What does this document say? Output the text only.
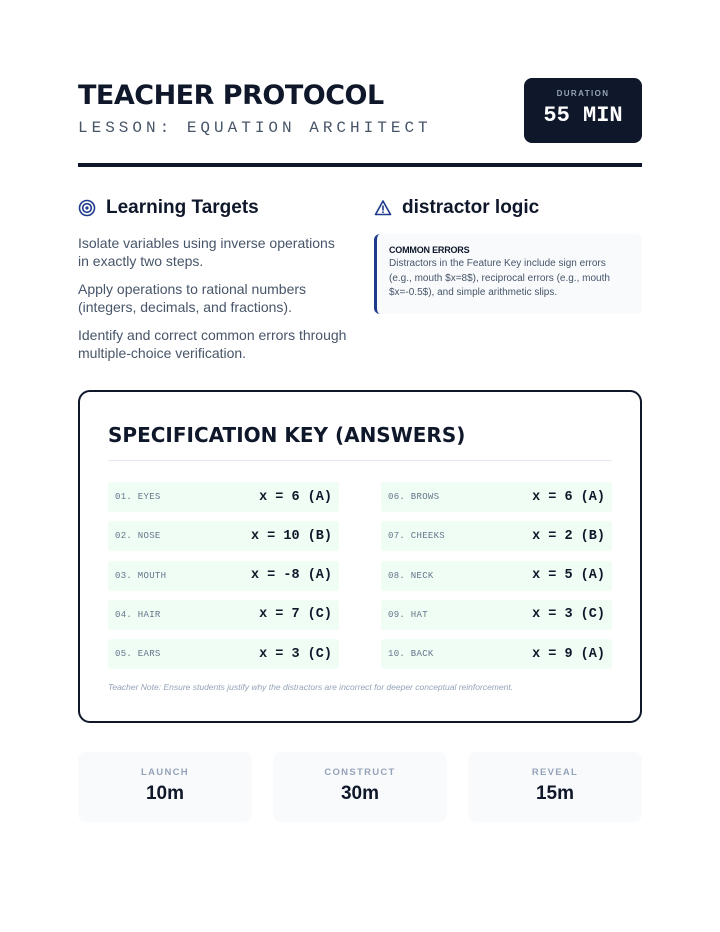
TEACHER PROTOCOL
LESSON: EQUATION ARCHITECT
DURATION
55 MIN
Learning Targets

Isolate variables using inverse operations in exactly two steps.

Apply operations to rational numbers (integers, decimals, and fractions).

Identify and correct common errors through multiple-choice verification.

distractor logic
COMMON ERRORS
Distractors in the Feature Key include sign errors (e.g., mouth $x=8$), reciprocal errors (e.g., mouth $x=-0.5$), and simple arithmetic slips.
SPECIFICATION KEY (ANSWERS)
01. EYES	x = 6 (A)
02. NOSE	x = 10 (B)
03. MOUTH	x = -8 (A)
04. HAIR	x = 7 (C)
05. EARS	x = 3 (C)
06. BROWS	x = 6 (A)
07. CHEEKS	x = 2 (B)
08. NECK	x = 5 (A)
09. HAT	x = 3 (C)
10. BACK	x = 9 (A)
Teacher Note: Ensure students justify why the distractors are incorrect for deeper conceptual reinforcement.
LAUNCH
10m
CONSTRUCT
30m
REVEAL
15m
